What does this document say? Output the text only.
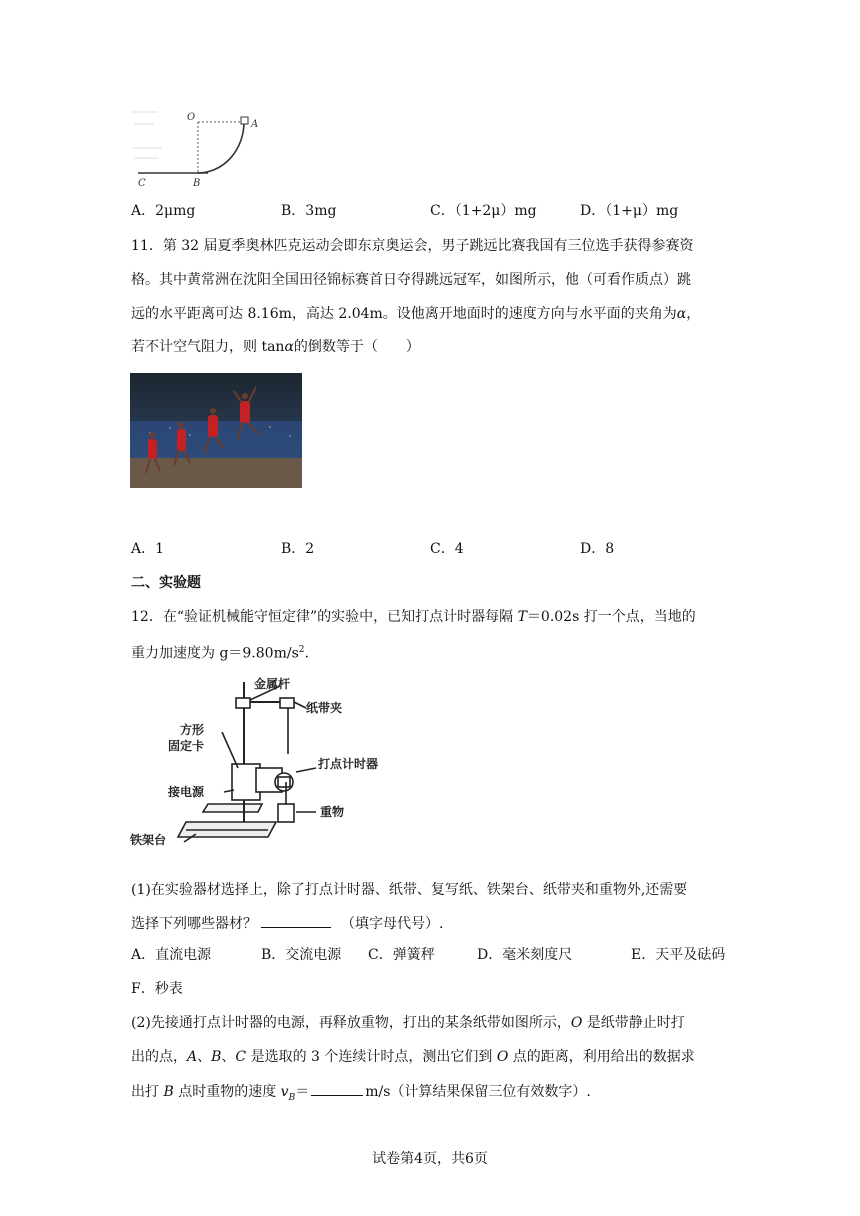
O
A
B
C
A．2μmg	B．3mg	C．（1+2μ）mg	D．（1+μ）mg
11．第 32 届夏季奥林匹克运动会即东京奥运会，男子跳远比赛我国有三位选手获得参赛资
格。其中黄常洲在沈阳全国田径锦标赛首日夺得跳远冠军，如图所示，他（可看作质点）跳
远的水平距离可达 8.16m，高达 2.04m。设他离开地面时的速度方向与水平面的夹角为α，
若不计空气阻力，则 tanα的倒数等于（　　）
A．1	B．2	C．4	D．8
二、实验题
12．在“验证机械能守恒定律”的实验中，已知打点计时器每隔 T＝0.02s 打一个点，当地的
重力加速度为 $g=9.80m/s^2$.
金属杆
纸带夹
方形
固定卡
打点计时器
接电源
重物
铁架台
(1)在实验器材选择上，除了打点计时器、纸带、复写纸、铁架台、纸带夹和重物外,还需要
选择下列哪些器材？	（填字母代号）.
A．直流电源	B．交流电源 C．弹簧秤	D．毫米刻度尺	E．天平及砝码
F．秒表
(2)先接通打点计时器的电源，再释放重物，打出的某条纸带如图所示，O 是纸带静止时打
出的点，A、B、C 是选取的 3 个连续计时点，测出它们到 O 点的距离，利用给出的数据求
出打 B 点时重物的速度 $v_B=$	m/s（计算结果保留三位有效数字）.
试卷第4页，共6页
